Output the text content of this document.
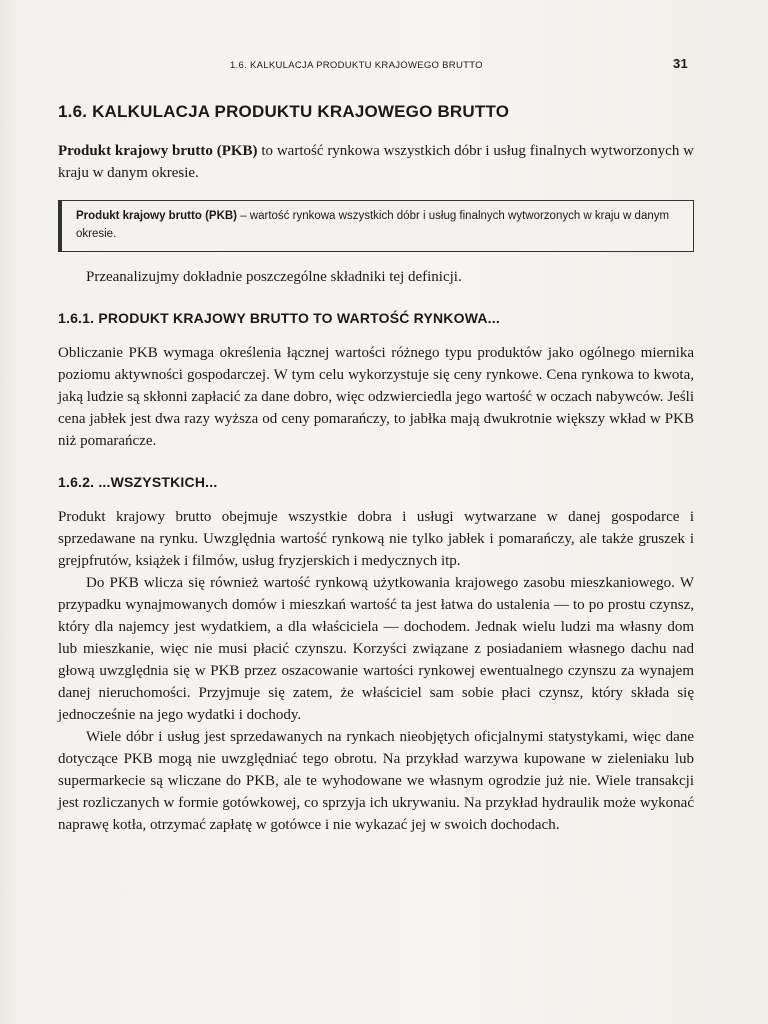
1.6. KALKULACJA PRODUKTU KRAJOWEGO BRUTTO	31
1.6. KALKULACJA PRODUKTU KRAJOWEGO BRUTTO

Produkt krajowy brutto (PKB) to wartość rynkowa wszystkich dóbr i usług finalnych wytworzonych w kraju w danym okresie.

Produkt krajowy brutto (PKB) – wartość rynkowa wszystkich dóbr i usług finalnych wytworzonych w kraju w danym okresie.

Przeanalizujmy dokładnie poszczególne składniki tej definicji.

1.6.1. PRODUKT KRAJOWY BRUTTO TO WARTOŚĆ RYNKOWA...

Obliczanie PKB wymaga określenia łącznej wartości różnego typu produktów jako ogólnego miernika poziomu aktywności gospodarczej. W tym celu wykorzystuje się ceny rynkowe. Cena rynkowa to kwota, jaką ludzie są skłonni zapłacić za dane dobro, więc odzwierciedla jego wartość w oczach nabywców. Jeśli cena jabłek jest dwa razy wyższa od ceny pomarańczy, to jabłka mają dwukrotnie większy wkład w PKB niż pomarańcze.

1.6.2. ...WSZYSTKICH...

Produkt krajowy brutto obejmuje wszystkie dobra i usługi wytwarzane w danej gospodarce i sprzedawane na rynku. Uwzględnia wartość rynkową nie tylko jabłek i pomarańczy, ale także gruszek i grejpfrutów, książek i filmów, usług fryzjerskich i medycznych itp.

Do PKB wlicza się również wartość rynkową użytkowania krajowego zasobu mieszkaniowego. W przypadku wynajmowanych domów i mieszkań wartość ta jest łatwa do ustalenia — to po prostu czynsz, który dla najemcy jest wydatkiem, a dla właściciela — dochodem. Jednak wielu ludzi ma własny dom lub mieszkanie, więc nie musi płacić czynszu. Korzyści związane z posiadaniem własnego dachu nad głową uwzględnia się w PKB przez oszacowanie wartości rynkowej ewentualnego czynszu za wynajem danej nieruchomości. Przyjmuje się zatem, że właściciel sam sobie płaci czynsz, który składa się jednocześnie na jego wydatki i dochody.

Wiele dóbr i usług jest sprzedawanych na rynkach nieobjętych oficjalnymi statystykami, więc dane dotyczące PKB mogą nie uwzględniać tego obrotu. Na przykład warzywa kupowane w zieleniaku lub supermarkecie są wliczane do PKB, ale te wyhodowane we własnym ogrodzie już nie. Wiele transakcji jest rozliczanych w formie gotówkowej, co sprzyja ich ukrywaniu. Na przykład hydraulik może wykonać naprawę kotła, otrzymać zapłatę w gotówce i nie wykazać jej w swoich dochodach.
